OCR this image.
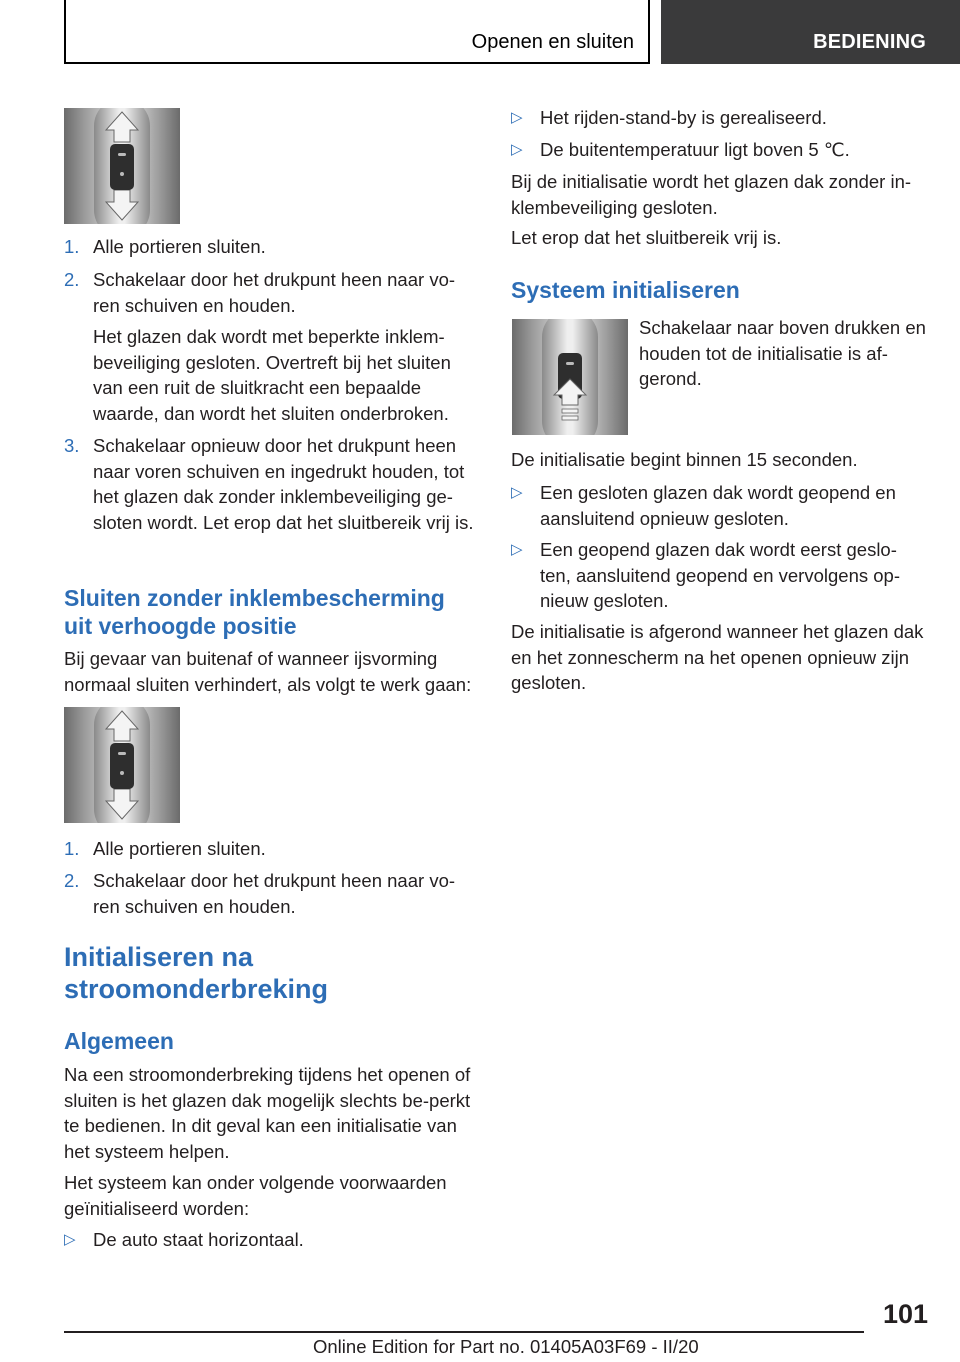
Openen en sluiten	BEDIENING
1. Alle portieren sluiten.
2. Schakelaar door het drukpunt heen naar vo‐ren schuiven en houden.
Het glazen dak wordt met beperkte inklem‐beveiliging gesloten. Overtreft bij het sluiten van een ruit de sluitkracht een bepaalde waarde, dan wordt het sluiten onderbroken.
3. Schakelaar opnieuw door het drukpunt heen naar voren schuiven en ingedrukt houden, tot het glazen dak zonder inklembeveiliging ge‐sloten wordt. Let erop dat het sluitbereik vrij is.
Sluiten zonder inklembescherming uit verhoogde positie
Bij gevaar van buitenaf of wanneer ijsvorming normaal sluiten verhindert, als volgt te werk gaan:
1. Alle portieren sluiten.
2. Schakelaar door het drukpunt heen naar vo‐ren schuiven en houden.
Initialiseren na stroomonderbreking
Algemeen
Na een stroomonderbreking tijdens het openen of sluiten is het glazen dak mogelijk slechts be‐perkt te bedienen. In dit geval kan een initialisatie van het systeem helpen.
Het systeem kan onder volgende voorwaarden geïnitialiseerd worden:
▷ De auto staat horizontaal.
▷ Het rijden-stand-by is gerealiseerd.
▷ De buitentemperatuur ligt boven 5 ℃.
Bij de initialisatie wordt het glazen dak zonder in‐klembeveiliging gesloten.
Let erop dat het sluitbereik vrij is.
Systeem initialiseren
Schakelaar naar boven drukken en houden tot de initialisatie is af‐gerond.
De initialisatie begint binnen 15 seconden.
▷ Een gesloten glazen dak wordt geopend en aansluitend opnieuw gesloten.
▷ Een geopend glazen dak wordt eerst geslo‐ten, aansluitend geopend en vervolgens op‐nieuw gesloten.
De initialisatie is afgerond wanneer het glazen dak en het zonnescherm na het openen opnieuw zijn gesloten.
101
Online Edition for Part no. 01405A03F69 - II/20
